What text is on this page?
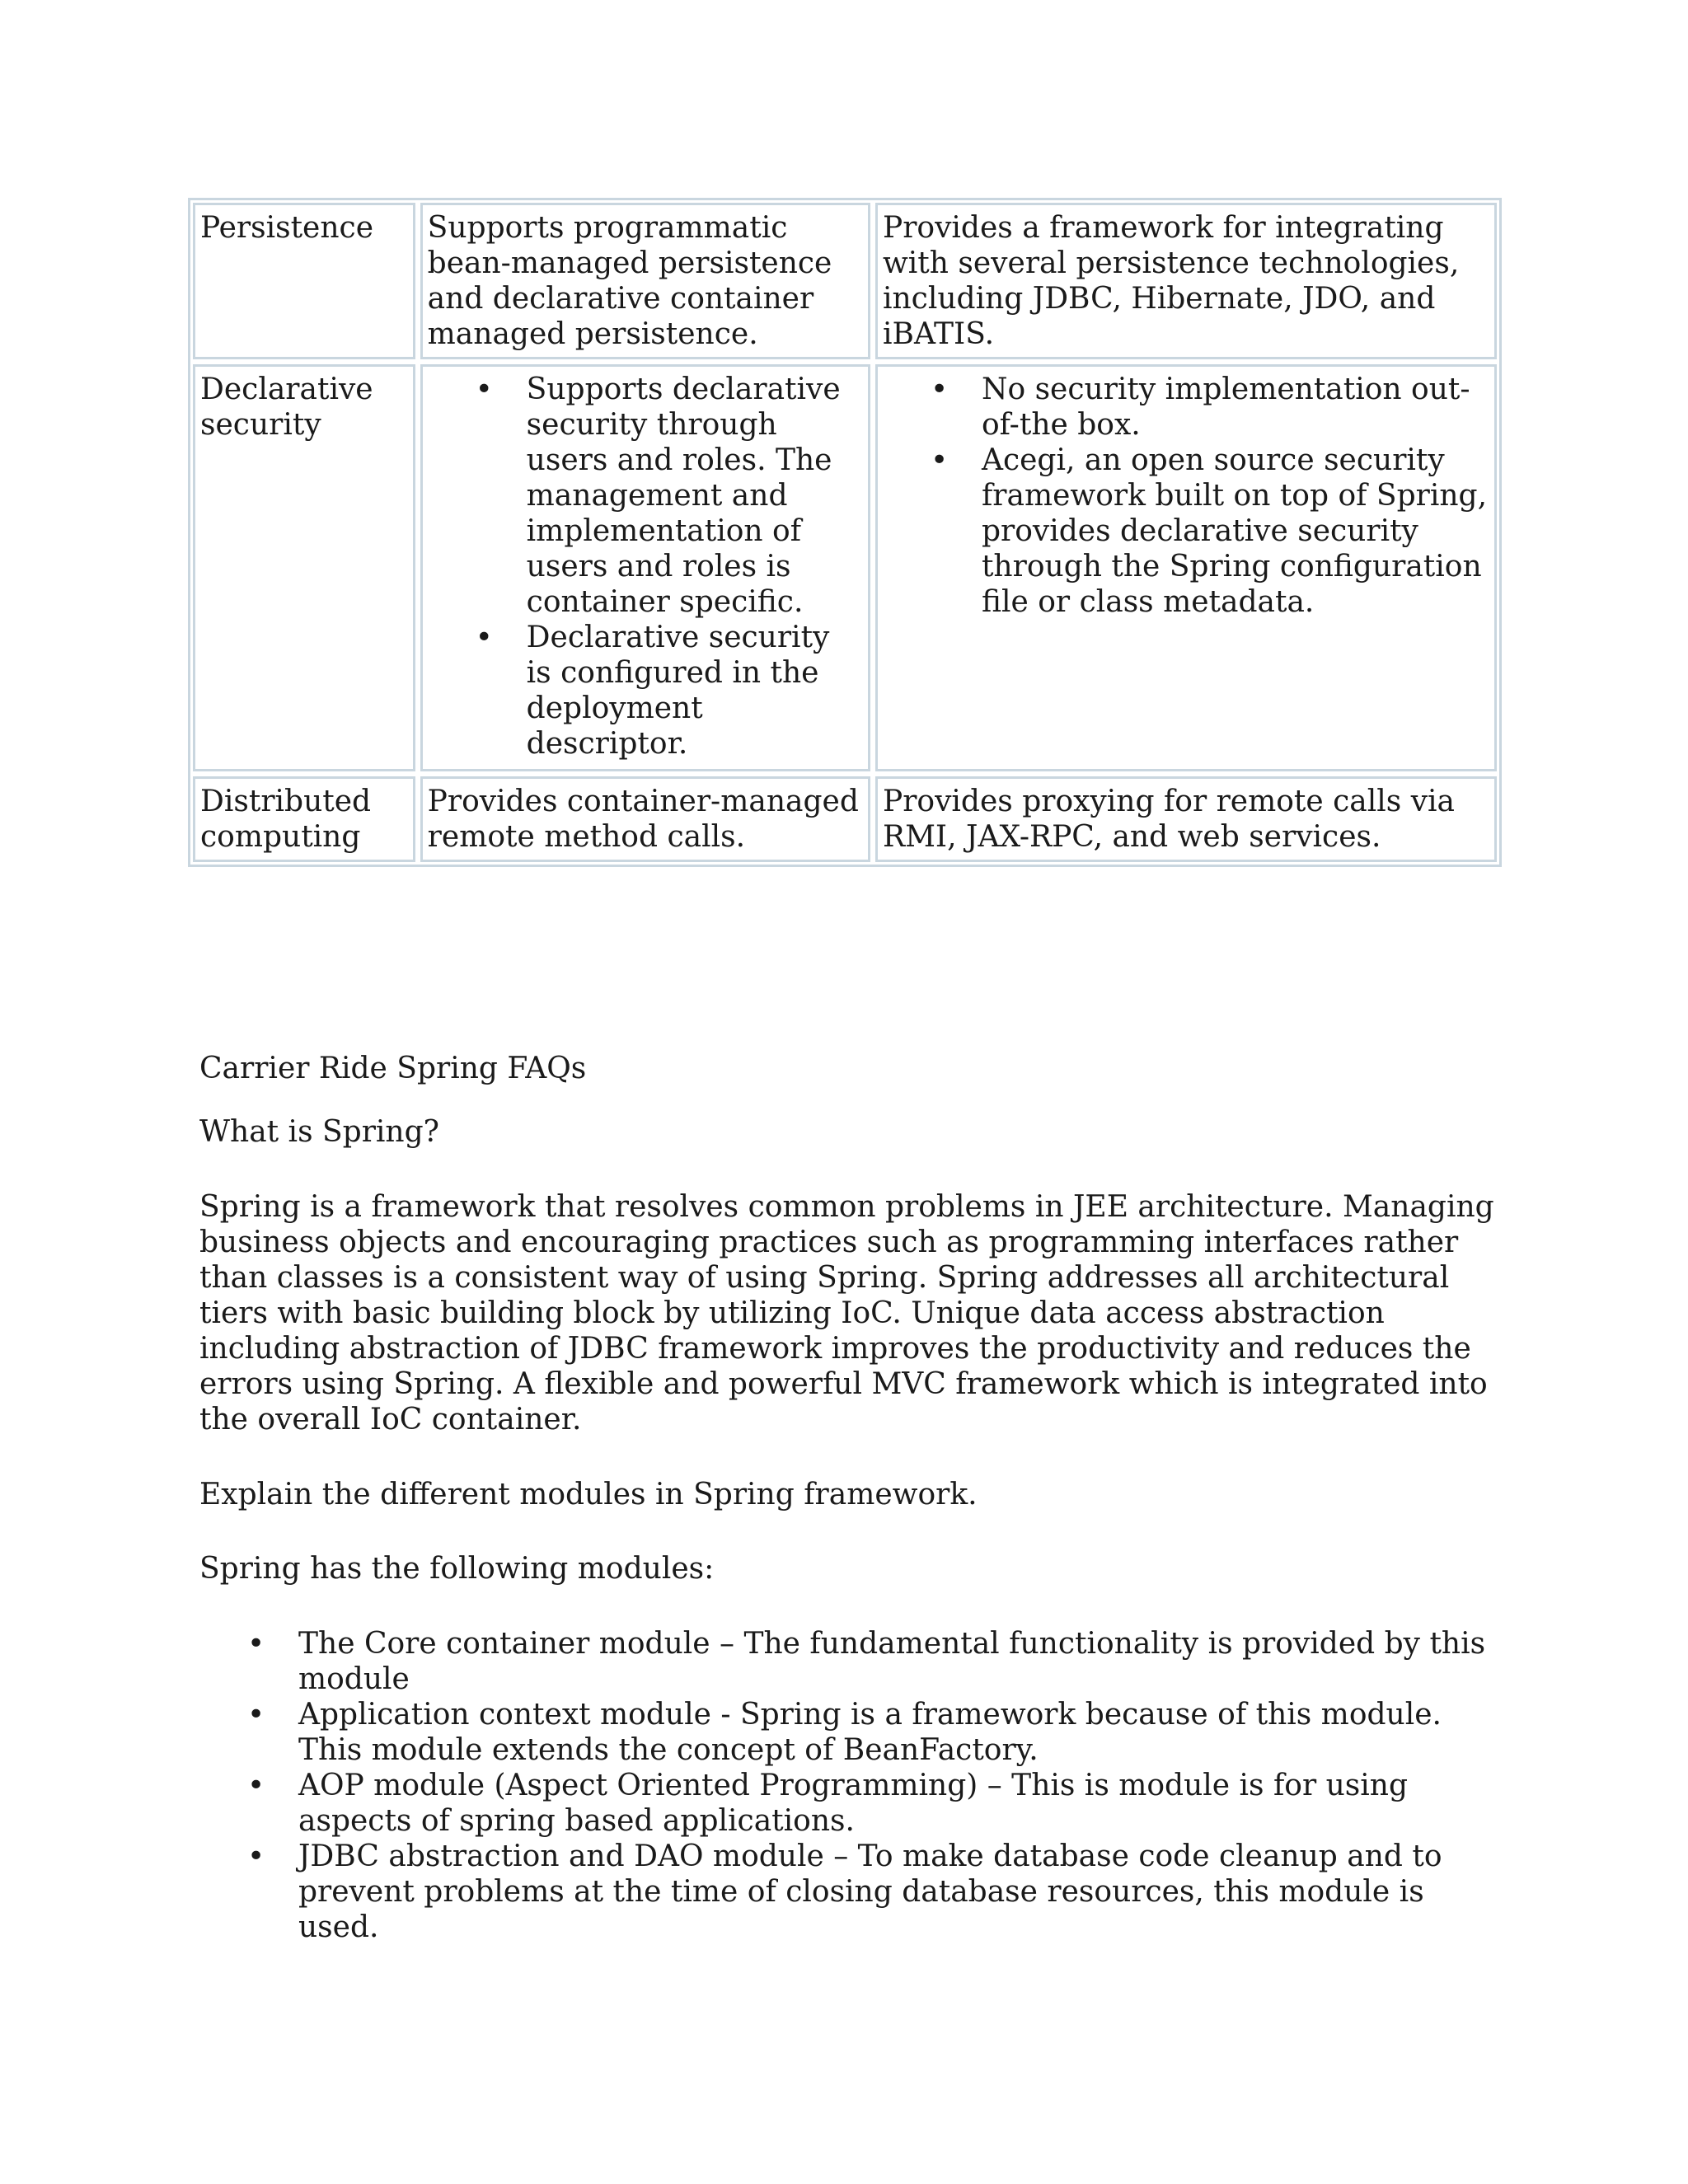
Persistence	Supports programmatic bean-managed persistence and declarative container managed persistence.
Provides a framework for integrating with several persistence technologies, including JDBC, Hibernate, JDO, and iBATIS.
Declarative security
• Supports declarative security through users and roles. The management and implementation of users and roles is container specific.
• Declarative security is configured in the deployment descriptor.
• No security implementation out-of-the box.
• Acegi, an open source security framework built on top of Spring, provides declarative security through the Spring configuration file or class metadata.
Distributed computing
Provides container-managed remote method calls.
Provides proxying for remote calls via RMI, JAX-RPC, and web services.

Carrier Ride Spring FAQs

What is Spring?

Spring is a framework that resolves common problems in JEE architecture. Managing business objects and encouraging practices such as programming interfaces rather than classes is a consistent way of using Spring. Spring addresses all architectural tiers with basic building block by utilizing IoC. Unique data access abstraction including abstraction of JDBC framework improves the productivity and reduces the errors using Spring. A flexible and powerful MVC framework which is integrated into the overall IoC container.

Explain the different modules in Spring framework.

Spring has the following modules:

• The Core container module – The fundamental functionality is provided by this module
• Application context module - Spring is a framework because of this module. This module extends the concept of BeanFactory.
• AOP module (Aspect Oriented Programming) – This is module is for using aspects of spring based applications.
• JDBC abstraction and DAO module – To make database code cleanup and to prevent problems at the time of closing database resources, this module is used.
